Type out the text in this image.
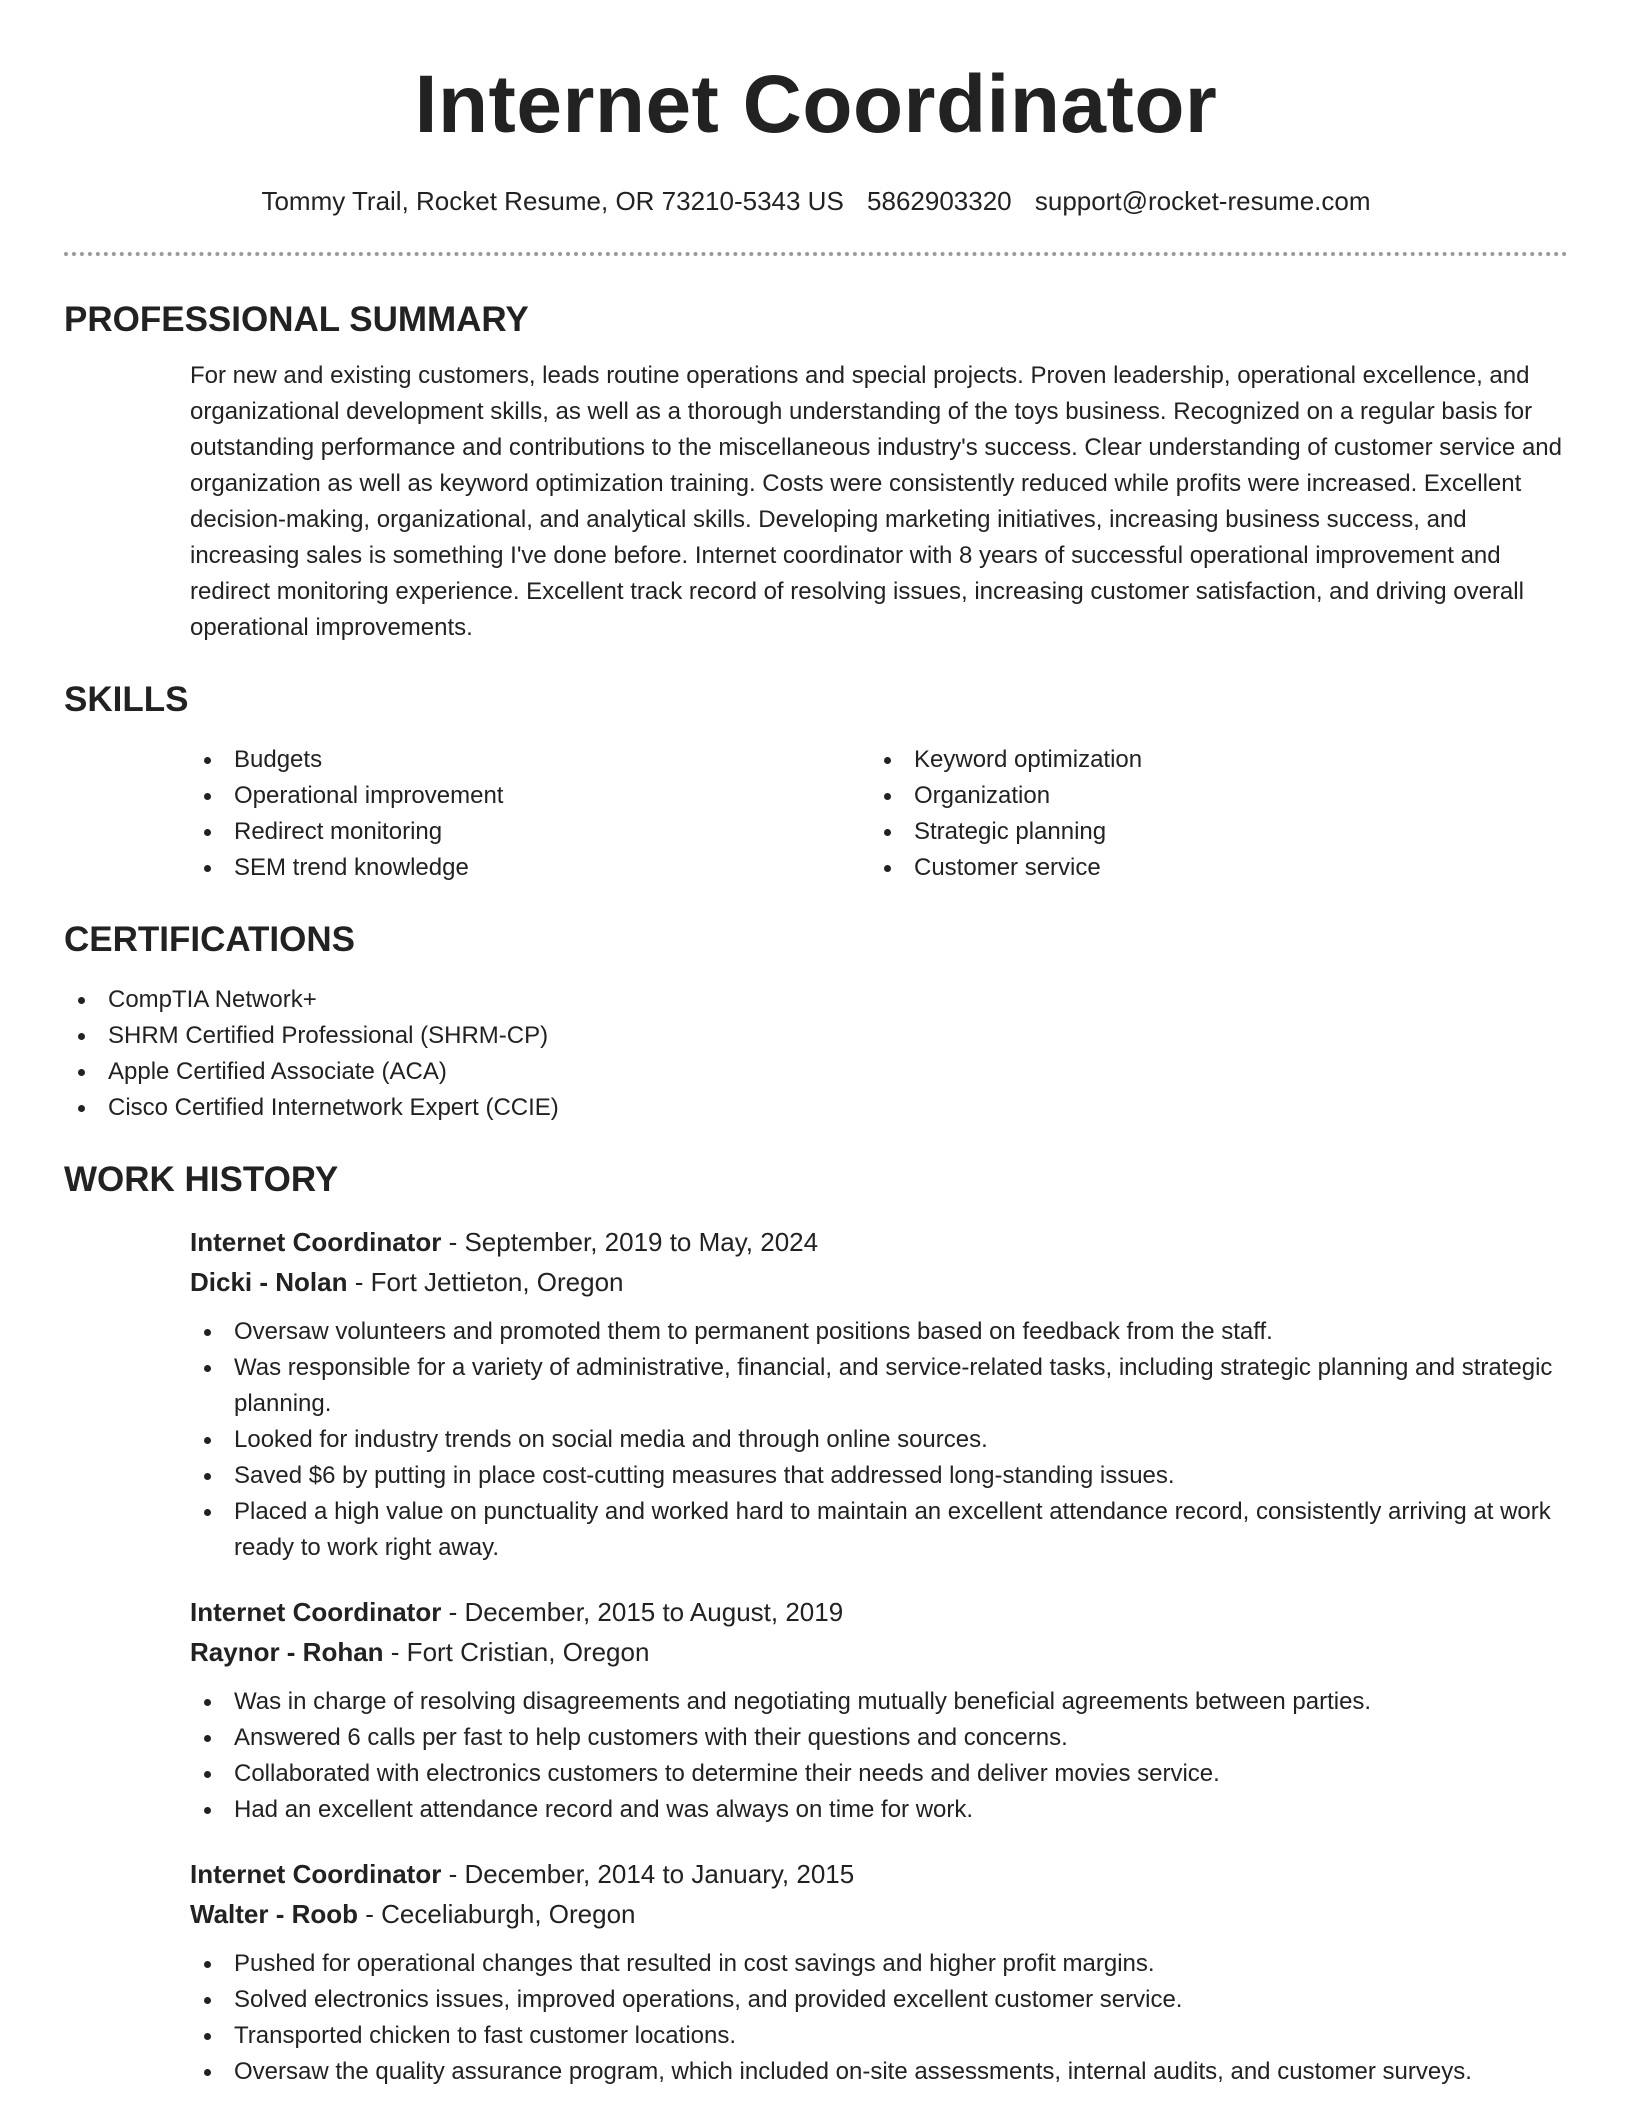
Internet Coordinator
Tommy Trail, Rocket Resume, OR 73210-5343 US 5862903320 support@rocket-resume.com
PROFESSIONAL SUMMARY

For new and existing customers, leads routine operations and special projects. Proven leadership, operational excellence, and organizational development skills, as well as a thorough understanding of the toys business. Recognized on a regular basis for outstanding performance and contributions to the miscellaneous industry's success. Clear understanding of customer service and organization as well as keyword optimization training. Costs were consistently reduced while profits were increased. Excellent decision-making, organizational, and analytical skills. Developing marketing initiatives, increasing business success, and increasing sales is something I've done before. Internet coordinator with 8 years of successful operational improvement and redirect monitoring experience. Excellent track record of resolving issues, increasing customer satisfaction, and driving overall operational improvements.

SKILLS
Budgets
Operational improvement
Redirect monitoring
SEM trend knowledge
Keyword optimization
Organization
Strategic planning
Customer service
CERTIFICATIONS
CompTIA Network+
SHRM Certified Professional (SHRM-CP)
Apple Certified Associate (ACA)
Cisco Certified Internetwork Expert (CCIE)
WORK HISTORY
Internet Coordinator - September, 2019 to May, 2024
Dicki - Nolan - Fort Jettieton, Oregon
Oversaw volunteers and promoted them to permanent positions based on feedback from the staff.
Was responsible for a variety of administrative, financial, and service-related tasks, including strategic planning and strategic planning.
Looked for industry trends on social media and through online sources.
Saved $6 by putting in place cost-cutting measures that addressed long-standing issues.
Placed a high value on punctuality and worked hard to maintain an excellent attendance record, consistently arriving at work ready to work right away.
Internet Coordinator - December, 2015 to August, 2019
Raynor - Rohan - Fort Cristian, Oregon
Was in charge of resolving disagreements and negotiating mutually beneficial agreements between parties.
Answered 6 calls per fast to help customers with their questions and concerns.
Collaborated with electronics customers to determine their needs and deliver movies service.
Had an excellent attendance record and was always on time for work.
Internet Coordinator - December, 2014 to January, 2015
Walter - Roob - Ceceliaburgh, Oregon
Pushed for operational changes that resulted in cost savings and higher profit margins.
Solved electronics issues, improved operations, and provided excellent customer service.
Transported chicken to fast customer locations.
Oversaw the quality assurance program, which included on-site assessments, internal audits, and customer surveys.
